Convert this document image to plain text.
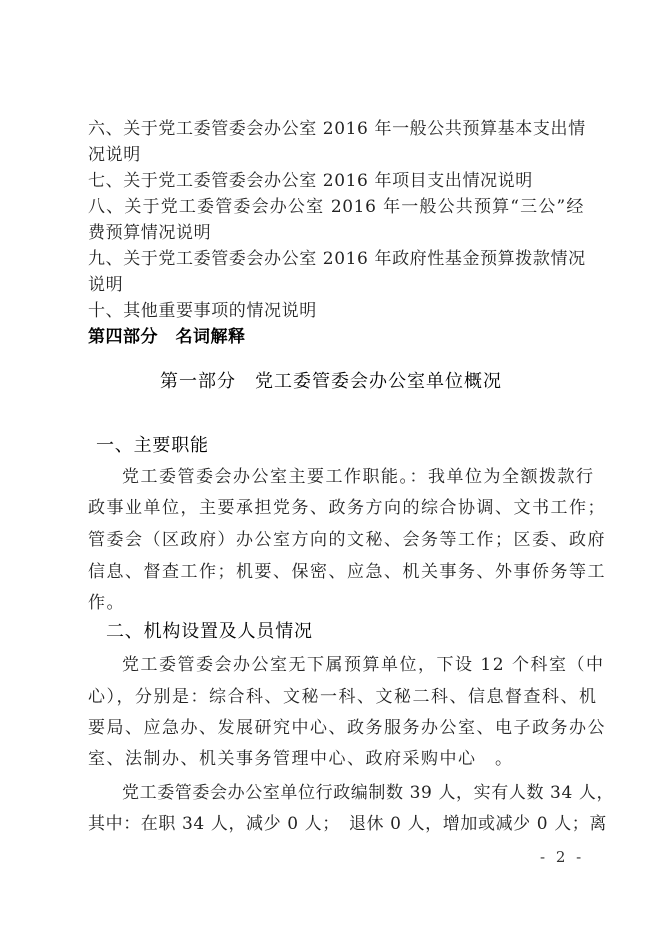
六、关于党工委管委会办公室 2016 年一般公共预算基本支出情
况说明
七、关于党工委管委会办公室 2016 年项目支出情况说明
八、关于党工委管委会办公室 2016 年一般公共预算“三公”经
费预算情况说明
九、关于党工委管委会办公室 2016 年政府性基金预算拨款情况
说明
十、其他重要事项的情况说明
第四部分　名词解释
第一部分　党工委管委会办公室单位概况
一、主要职能
党工委管委会办公室主要工作职能。：我单位为全额拨款行
政事业单位，主要承担党务、政务方向的综合协调、文书工作；
管委会（区政府）办公室方向的文秘、会务等工作；区委、政府
信息、督查工作；机要、保密、应急、机关事务、外事侨务等工
作。
二、机构设置及人员情况
党工委管委会办公室无下属预算单位，下设 12 个科室（中
心），分别是：综合科、文秘一科、文秘二科、信息督查科、机
要局、应急办、发展研究中心、政务服务办公室、电子政务办公
室、法制办、机关事务管理中心、政府采购中心　。
党工委管委会办公室单位行政编制数 39 人，实有人数 34 人，
其中：在职 34 人，减少 0 人；　退休 0 人，增加或减少 0 人；离
- 2 -
